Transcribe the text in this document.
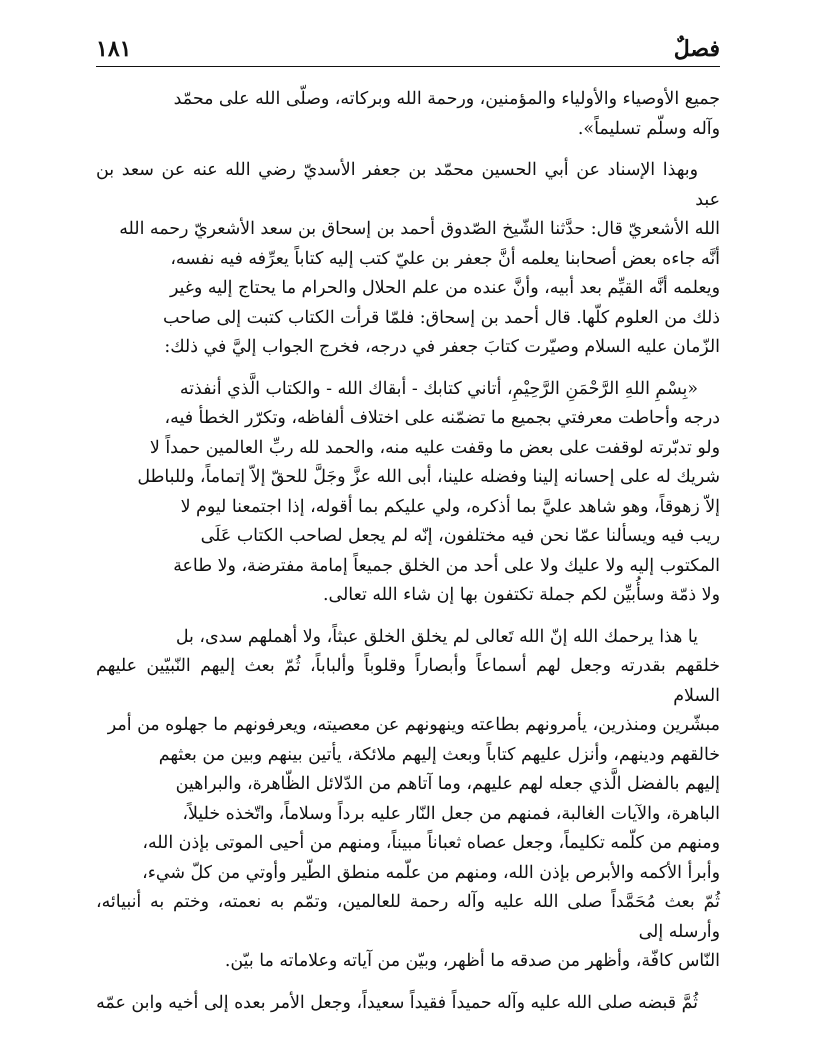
فصلٌ
١٨١

جميع الأوصياء والأولياء والمؤمنين، ورحمة الله وبركاته، وصلّى الله على محمّد
وآله وسلّم تسليماً».

وبهذا الإسناد عن أبي الحسين محمّد بن جعفر الأسديّ رضي الله عنه عن سعد بن عبد
الله الأشعريّ قال: حدَّثنا الشّيخ الصّدوق أحمد بن إسحاق بن سعد الأشعريّ رحمه الله
أنَّه جاءه بعض أصحابنا يعلمه أنَّ جعفر بن عليّ كتب إليه كتاباً يعرِّفه فيه نفسه،
ويعلمه أنَّه القيِّم بعد أبيه، وأنَّ عنده من علم الحلال والحرام ما يحتاج إليه وغير
ذلك من العلوم كلّها. قال أحمد بن إسحاق: فلمّا قرأت الكتاب كتبت إلى صاحب
الزّمان عليه السلام وصيّرت كتابَ جعفر في درجه، فخرج الجواب إليَّ في ذلك:

«بِسْمِ اللهِ الرَّحْمَنِ الرَّحِيْمِ، أتاني كتابك - أبقاك الله - والكتاب الَّذي أنفذته
درجه وأحاطت معرفتي بجميع ما تضمّنه على اختلاف ألفاظه، وتكرّر الخطأ فيه،
ولو تدبّرته لوقفت على بعض ما وقفت عليه منه، والحمد لله ربِّ العالمين حمداً لا
شريك له على إحسانه إلينا وفضله علينا، أبى الله عزَّ وجَلَّ للحقّ إلاّ إتماماً، وللباطل
إلاّ زهوقاً، وهو شاهد عليَّ بما أذكره، ولي عليكم بما أقوله، إذا اجتمعنا ليوم لا
ريب فيه ويسألنا عمّا نحن فيه مختلفون، إنّه لم يجعل لصاحب الكتاب عَلَى
المكتوب إليه ولا عليك ولا على أحد من الخلق جميعاً إمامة مفترضة، ولا طاعة
ولا ذمّة وسأُبيِّن لكم جملة تكتفون بها إن شاء الله تعالى.

يا هذا يرحمك الله إنّ الله تَعالى لم يخلق الخلق عبثاً، ولا أهملهم سدى، بل
خلقهم بقدرته وجعل لهم أسماعاً وأبصاراً وقلوباً وألباباً، ثُمّ بعث إليهم النّبيّين عليهم السلام
مبشّرين ومنذرين، يأمرونهم بطاعته وينهونهم عن معصيته، ويعرفونهم ما جهلوه من أمر
خالقهم ودينهم، وأنزل عليهم كتاباً وبعث إليهم ملائكة، يأتين بينهم وبين من بعثهم
إليهم بالفضل الَّذي جعله لهم عليهم، وما آتاهم من الدّلائل الظّاهرة، والبراهين
الباهرة، والآيات الغالبة، فمنهم من جعل النّار عليه برداً وسلاماً، واتّخذه خليلاً،
ومنهم من كلّمه تكليماً، وجعل عصاه ثعباناً مبيناً، ومنهم من أحيى الموتى بإذن الله،
وأبرأ الأكمه والأبرص بإذن الله، ومنهم من علّمه منطق الطّير وأوتي من كلّ شيء،
ثُمّ بعث مُحَمَّداً صلى الله عليه وآله رحمة للعالمين، وتمّم به نعمته، وختم به أنبيائه، وأرسله إلى
النّاس كافّة، وأظهر من صدقه ما أظهر، وبيّن من آياته وعلاماته ما بيّن.

ثُمَّ قبضه صلى الله عليه وآله حميداً فقيداً سعيداً، وجعل الأمر بعده إلى أخيه وابن عمّه
